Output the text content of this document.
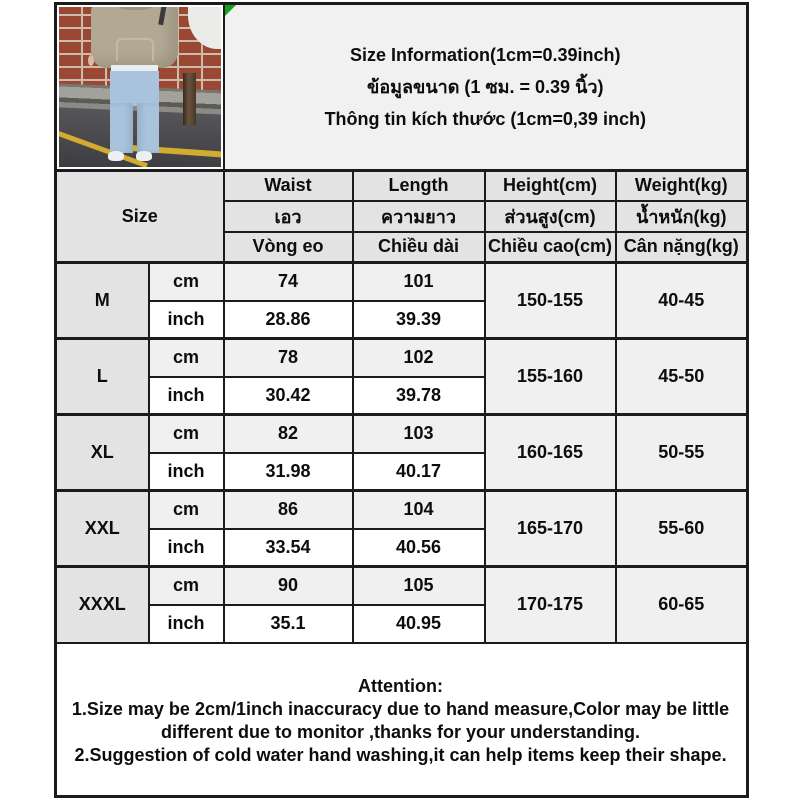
		Size Information(1cm=0.39inch)
ข้อมูลขนาด (1 ซม. = 0.39 นิ้ว)
Thông tin kích thước (1cm=0,39 inch)			

Size		Waist	Length	Height(cm)	Weight(kg)
		เอว	ความยาว	ส่วนสูง(cm)	น้ำหนัก(kg)
		Vòng eo	Chiều dài	Chiều cao(cm)	Cân nặng(kg)
M	cm	74	101	150-155	40-45
	inch	28.86	39.39		
L	cm	78	102	155-160	45-50
	inch	30.42	39.78		
XL	cm	82	103	160-165	50-55
	inch	31.98	40.17		
XXL	cm	86	104	165-170	55-60
	inch	33.54	40.56		
XXXL	cm	90	105	170-175	60-65
	inch	35.1	40.95		

Attention:
1.Size may be 2cm/1inch inaccuracy due to hand measure,Color may be little different due to monitor ,thanks for your understanding.
2.Suggestion of cold water hand washing,it can help items keep their shape.					
